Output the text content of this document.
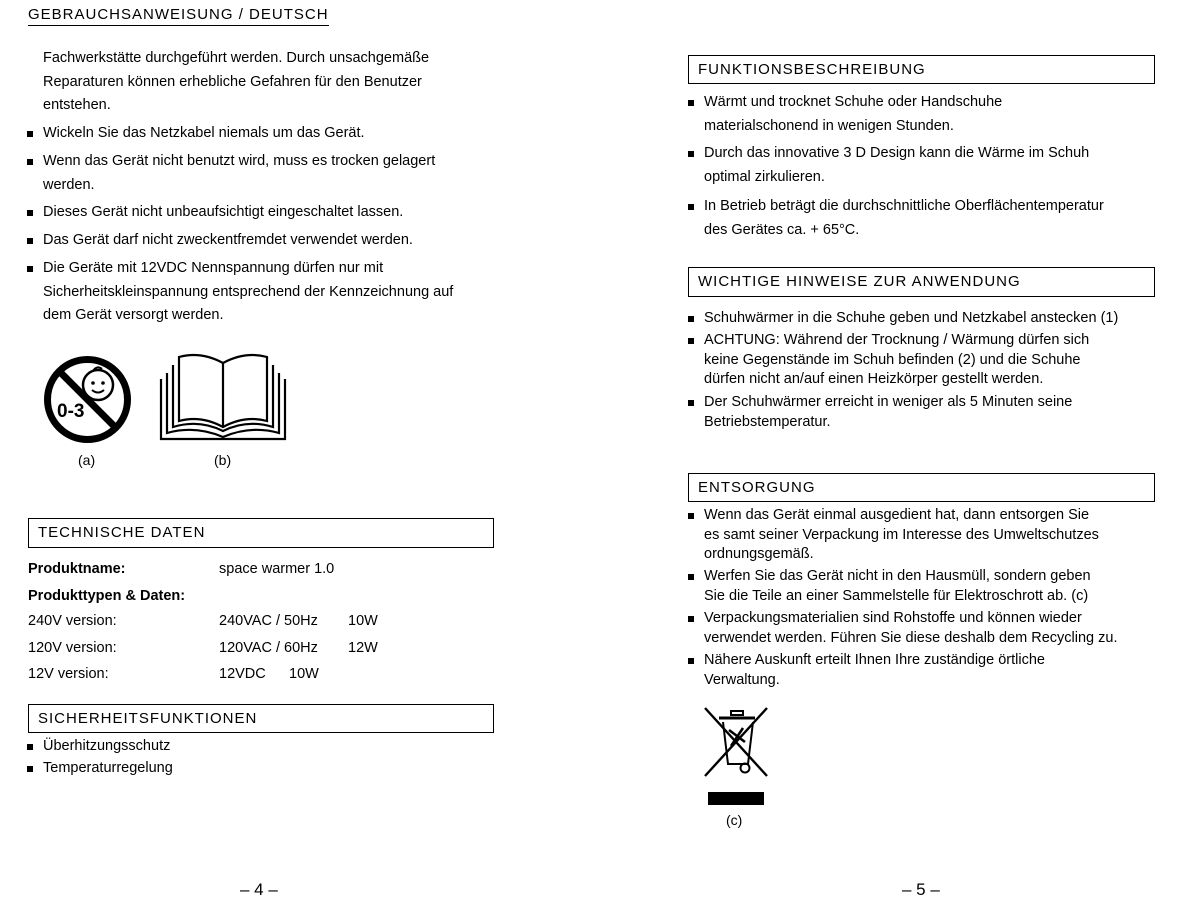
GEBRAUCHSANWEISUNG / DEUTSCH
Fachwerkstätte durchgeführt werden. Durch unsachgemäße
Reparaturen können erhebliche Gefahren für den Benutzer
entstehen.
Wickeln Sie das Netzkabel niemals um das Gerät.
Wenn das Gerät nicht benutzt wird, muss es trocken gelagert
werden.
Dieses Gerät nicht unbeaufsichtigt eingeschaltet lassen.
Das Gerät darf nicht zweckentfremdet verwendet werden.
Die Geräte mit 12VDC Nennspannung dürfen nur mit
Sicherheitskleinspannung entsprechend der Kennzeichnung auf
dem Gerät versorgt werden.
0-3
(a)	(b)
TECHNISCHE DATEN
Produktname:	space warmer 1.0
Produkttypen & Daten:
240V version:	240VAC / 50Hz 10W
120V version:	120VAC / 60Hz 12W
12V version:	12VDC 10W
SICHERHEITSFUNKTIONEN
Überhitzungsschutz
Temperaturregelung
– 4 –
FUNKTIONSBESCHREIBUNG
Wärmt und trocknet Schuhe oder Handschuhe
materialschonend in wenigen Stunden.
Durch das innovative 3 D Design kann die Wärme im Schuh
optimal zirkulieren.
In Betrieb beträgt die durchschnittliche Oberflächentemperatur
des Gerätes ca. + 65°C.
WICHTIGE HINWEISE ZUR ANWENDUNG
Schuhwärmer in die Schuhe geben und Netzkabel anstecken (1)
ACHTUNG: Während der Trocknung / Wärmung dürfen sich
keine Gegenstände im Schuh befinden (2) und die Schuhe
dürfen nicht an/auf einen Heizkörper gestellt werden.
Der Schuhwärmer erreicht in weniger als 5 Minuten seine
Betriebstemperatur.
ENTSORGUNG
Wenn das Gerät einmal ausgedient hat, dann entsorgen Sie
es samt seiner Verpackung im Interesse des Umweltschutzes
ordnungsgemäß.
Werfen Sie das Gerät nicht in den Hausmüll, sondern geben
Sie die Teile an einer Sammelstelle für Elektroschrott ab. (c)
Verpackungsmaterialien sind Rohstoffe und können wieder
verwendet werden. Führen Sie diese deshalb dem Recycling zu.
Nähere Auskunft erteilt Ihnen Ihre zuständige örtliche
Verwaltung.
(c)
– 5 –
